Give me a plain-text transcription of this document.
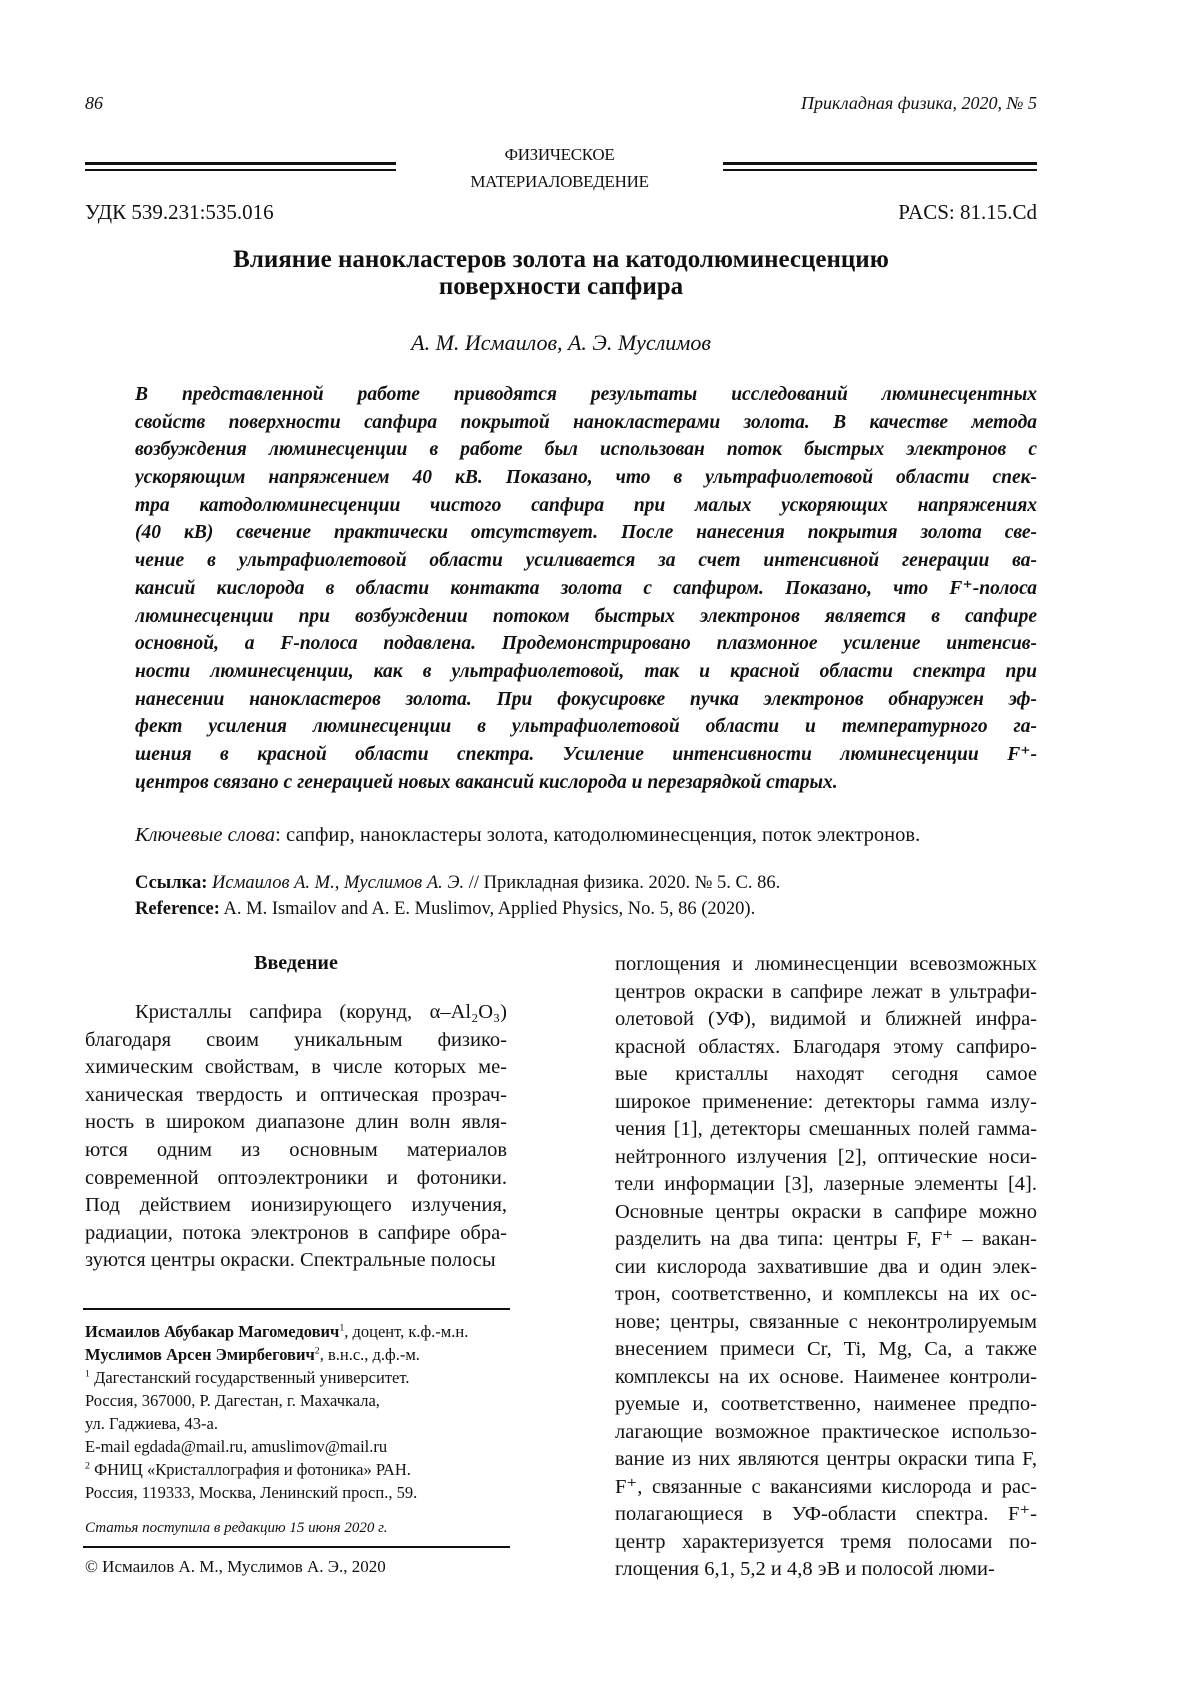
86	Прикладная физика, 2020, № 5
ФИЗИЧЕСКОЕ
МАТЕРИАЛОВЕДЕНИЕ
УДК 539.231:535.016	PACS: 81.15.Cd
Влияние нанокластеров золота на катодолюминесценцию
поверхности сапфира
А. М. Исмаилов, А. Э. Муслимов
В представленной работе приводятся результаты исследований люминесцентных
свойств поверхности сапфира покрытой нанокластерами золота. В качестве метода
возбуждения люминесценции в работе был использован поток быстрых электронов с
ускоряющим напряжением 40 кВ. Показано, что в ультрафиолетовой области спек-
тра катодолюминесценции чистого сапфира при малых ускоряющих напряжениях
(40 кВ) свечение практически отсутствует. После нанесения покрытия золота све-
чение в ультрафиолетовой области усиливается за счет интенсивной генерации ва-
кансий кислорода в области контакта золота с сапфиром. Показано, что F⁺-полоса
люминесценции при возбуждении потоком быстрых электронов является в сапфире
основной, а F-полоса подавлена. Продемонстрировано плазмонное усиление интенсив-
ности люминесценции, как в ультрафиолетовой, так и красной области спектра при
нанесении нанокластеров золота. При фокусировке пучка электронов обнаружен эф-
фект усиления люминесценции в ультрафиолетовой области и температурного га-
шения в красной области спектра. Усиление интенсивности люминесценции F⁺-
центров связано с генерацией новых вакансий кислорода и перезарядкой старых.
Ключевые слова: сапфир, нанокластеры золота, катодолюминесценция, поток электронов.
Ссылка: Исмаилов А. М., Муслимов А. Э. // Прикладная физика. 2020. № 5. С. 86.
Reference: A. M. Ismailov and A. E. Muslimov, Applied Physics, No. 5, 86 (2020).
Введение
Кристаллы сапфира (корунд, α–Al₂O₃)
благодаря своим уникальным физико-
химическим свойствам, в числе которых ме-
ханическая твердость и оптическая прозрач-
ность в широком диапазоне длин волн явля-
ются одним из основным материалов
современной оптоэлектроники и фотоники.
Под действием ионизирующего излучения,
радиации, потока электронов в сапфире обра-
зуются центры окраски. Спектральные полосы
поглощения и люминесценции всевозможных
центров окраски в сапфире лежат в ультрафи-
олетовой (УФ), видимой и ближней инфра-
красной областях. Благодаря этому сапфиро-
вые кристаллы находят сегодня самое
широкое применение: детекторы гамма излу-
чения [1], детекторы смешанных полей гамма-
нейтронного излучения [2], оптические носи-
тели информации [3], лазерные элементы [4].
Основные центры окраски в сапфире можно
разделить на два типа: центры F, F⁺ – вакан-
сии кислорода захватившие два и один элек-
трон, соответственно, и комплексы на их ос-
нове; центры, связанные с неконтролируемым
внесением примеси Cr, Ti, Mg, Ca, а также
комплексы на их основе. Наименее контроли-
руемые и, соответственно, наименее предпо-
лагающие возможное практическое использо-
вание из них являются центры окраски типа F,
F⁺, связанные с вакансиями кислорода и рас-
полагающиеся в УФ-области спектра. F⁺-
центр характеризуется тремя полосами по-
глощения 6,1, 5,2 и 4,8 эВ и полосой люми-
Исмаилов Абубакар Магомедович1, доцент, к.ф.-м.н.
Муслимов Арсен Эмирбегович2, в.н.с., д.ф.-м.
1 Дагестанский государственный университет.
Россия, 367000, Р. Дагестан, г. Махачкала,
ул. Гаджиева, 43-а.
E-mail egdada@mail.ru, amuslimov@mail.ru
2 ФНИЦ «Кристаллография и фотоника» РАН.
Россия, 119333, Москва, Ленинский просп., 59.
Статья поступила в редакцию 15 июня 2020 г.
© Исмаилов А. М., Муслимов А. Э., 2020
